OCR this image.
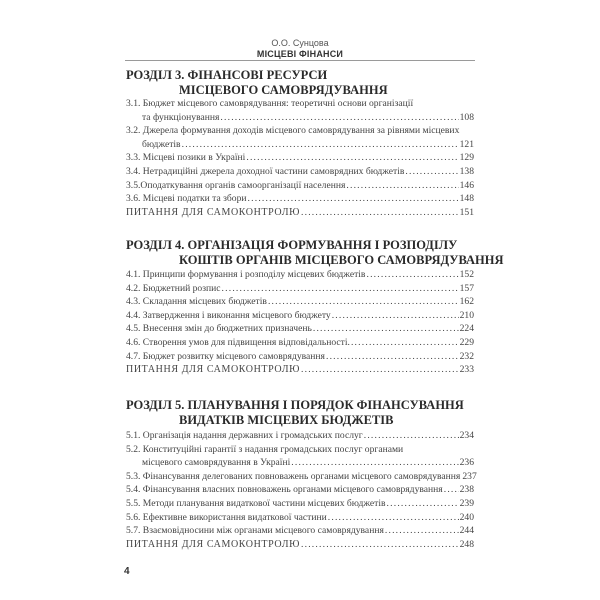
О.О. Сунцова
МІСЦЕВІ ФІНАНСИ
РОЗДІЛ 3. ФІНАНСОВІ РЕСУРСИ
МІСЦЕВОГО САМОВРЯДУВАННЯ
3.1. Бюджет місцевого самоврядування: теоретичні основи організації
та функціонування .....	108
3.2. Джерела формування доходів місцевого самоврядування за рівнями місцевих
бюджетів .....	121
3.3. Місцеві позики в Україні .....	129
3.4. Нетрадиційні джерела доходної частини самоврядних бюджетів .....	138
3.5.Оподаткування органів самоорганізації населення .....	146
3.6. Місцеві податки та збори .....	148
ПИТАННЯ ДЛЯ САМОКОНТРОЛЮ .....	151
РОЗДІЛ 4. ОРГАНІЗАЦІЯ ФОРМУВАННЯ І РОЗПОДІЛУ
КОШТІВ ОРГАНІВ МІСЦЕВОГО САМОВРЯДУВАННЯ
4.1. Принципи формування і розподілу місцевих бюджетів .....	152
4.2. Бюджетний розпис .....	157
4.3. Складання місцевих бюджетів .....	162
4.4. Затвердження і виконання місцевого бюджету .....	210
4.5. Внесення змін до бюджетних призначень .....	224
4.6. Створення умов для підвищення відповідальності. .....	229
4.7. Бюджет розвитку місцевого самоврядування .....	232
ПИТАННЯ ДЛЯ САМОКОНТРОЛЮ .....	233
РОЗДІЛ 5. ПЛАНУВАННЯ І ПОРЯДОК ФІНАНСУВАННЯ
ВИДАТКІВ МІСЦЕВИХ БЮДЖЕТІВ
5.1. Організація надання державних і громадських послуг .....	234
5.2. Конституційні гарантії з надання громадських послуг органами
місцевого самоврядування в Україні .....	236
5.3. Фінансування делегованих повноважень органами місцевого самоврядування 237
5.4. Фінансування власних повноважень органами місцевого самоврядування ..... 238
5.5. Методи планування видаткової частини місцевих бюджетів .....	239
5.6. Ефективне використання видаткової частини .....	240
5.7. Взаємовідносини між органами місцевого самоврядування .....	244
ПИТАННЯ ДЛЯ САМОКОНТРОЛЮ .....	248
4
